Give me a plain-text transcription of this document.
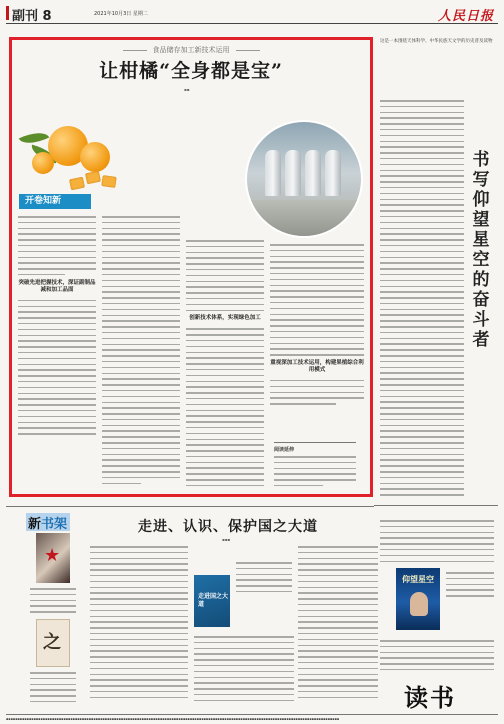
副刊 8	2021年10月3日 星期二	人民日报
食品储存加工新技术运用
让柑橘“全身都是宝”
▪▪
开卷知新
突破先进把握技术，深证副制品减和加工品面
创新技术体系，实现绿色加工
重视深加工技术运用，构建果植综合利用模式
阅读延伸
这是一本围绕天体科学、中华民族天文学的历史普及读物
书写仰望星空的奋斗者
新书架	走进、认识、保护国之大道
▪▪▪
★
之
走进国之大道
仰望星空
读书
▪▪▪▪▪▪▪▪▪▪▪▪▪▪▪▪▪▪▪▪▪▪▪▪▪▪▪▪▪▪▪▪▪▪▪▪▪▪▪▪▪▪▪▪▪▪▪▪▪▪▪▪▪▪▪▪▪▪▪▪▪▪▪▪▪▪▪▪▪▪▪▪▪▪▪▪▪▪▪▪▪▪▪▪▪▪▪▪▪▪▪▪▪▪▪▪▪▪▪▪▪▪▪▪▪▪▪▪▪▪▪▪▪▪▪▪▪▪▪▪▪▪▪▪▪▪▪▪▪▪▪▪▪▪▪▪▪▪▪▪▪▪▪▪▪
